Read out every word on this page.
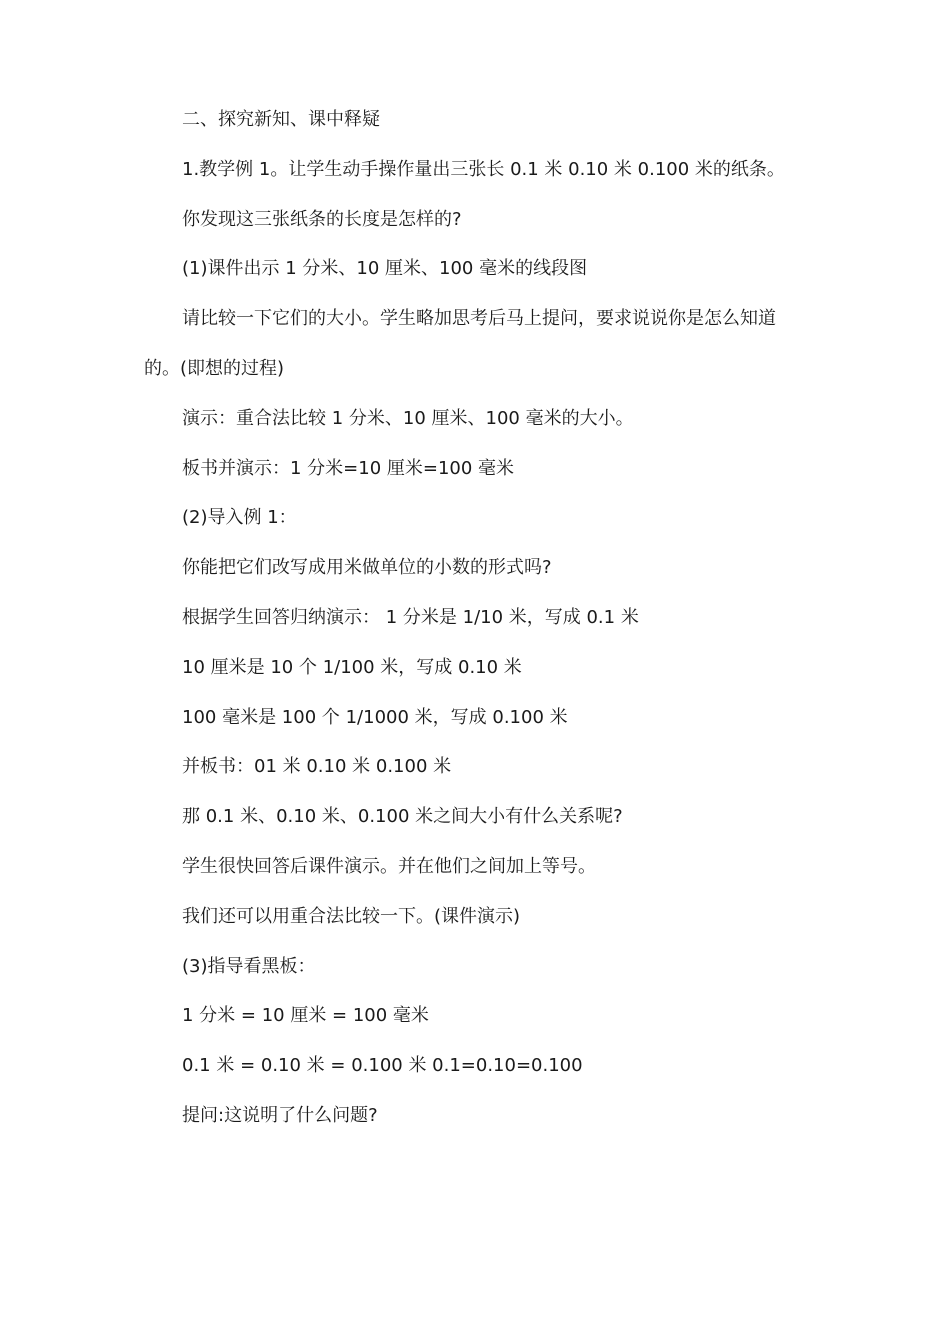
二、探究新知、课中释疑
1.教学例 1。让学生动手操作量出三张长 0.1 米 0.10 米 0.100 米的纸条。
你发现这三张纸条的长度是怎样的?
(1)课件出示 1 分米、10 厘米、100 毫米的线段图
请比较一下它们的大小。学生略加思考后马上提问，要求说说你是怎么知道
的。(即想的过程)
演示：重合法比较 1 分米、10 厘米、100 毫米的大小。
板书并演示：1 分米=10 厘米=100 毫米
(2)导入例 1：
你能把它们改写成用米做单位的小数的形式吗?
根据学生回答归纳演示： 1 分米是 1/10 米，写成 0.1 米
10 厘米是 10 个 1/100 米，写成 0.10 米
100 毫米是 100 个 1/1000 米，写成 0.100 米
并板书：01 米 0.10 米 0.100 米
那 0.1 米、0.10 米、0.100 米之间大小有什么关系呢?
学生很快回答后课件演示。并在他们之间加上等号。
我们还可以用重合法比较一下。(课件演示)
(3)指导看黑板：
1 分米 = 10 厘米 = 100 毫米
0.1 米 = 0.10 米 = 0.100 米 0.1=0.10=0.100
提问:这说明了什么问题?
